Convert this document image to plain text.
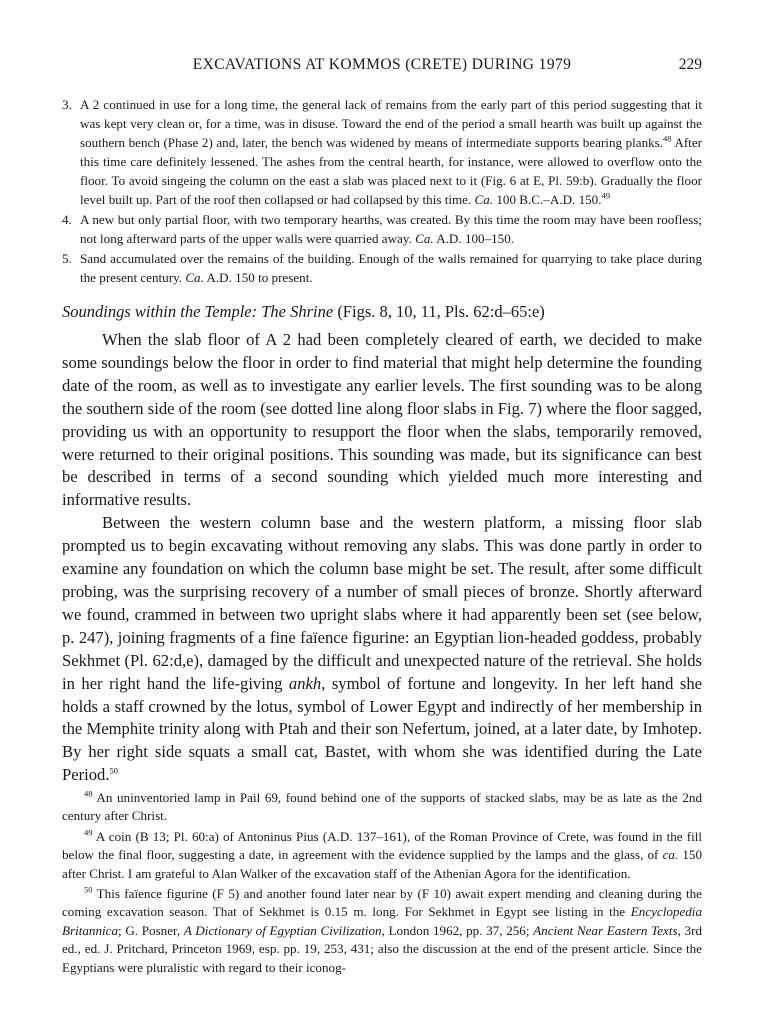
EXCAVATIONS AT KOMMOS (CRETE) DURING 1979	229
3. A 2 continued in use for a long time, the general lack of remains from the early part of this period suggesting that it was kept very clean or, for a time, was in disuse. Toward the end of the period a small hearth was built up against the southern bench (Phase 2) and, later, the bench was widened by means of intermediate supports bearing planks.$^{48}$ After this time care definitely lessened. The ashes from the central hearth, for instance, were allowed to overflow onto the floor. To avoid singeing the column on the east a slab was placed next to it (Fig. 6 at E, Pl. 59:b). Gradually the floor level built up. Part of the roof then collapsed or had collapsed by this time. Ca. 100 B.C.–A.D. 150.49
4. A new but only partial floor, with two temporary hearths, was created. By this time the room may have been roofless; not long afterward parts of the upper walls were quarried away. Ca. A.D. 100–150.
5. Sand accumulated over the remains of the building. Enough of the walls remained for quarrying to take place during the present century. Ca. A.D. 150 to present.
Soundings within the Temple: The Shrine (Figs. 8, 10, 11, Pls. 62:d–65:e)

When the slab floor of A 2 had been completely cleared of earth, we decided to make some soundings below the floor in order to find material that might help determine the founding date of the room, as well as to investigate any earlier levels. The first sounding was to be along the southern side of the room (see dotted line along floor slabs in Fig. 7) where the floor sagged, providing us with an opportunity to resupport the floor when the slabs, temporarily removed, were returned to their original positions. This sounding was made, but its significance can best be described in terms of a second sounding which yielded much more interesting and informative results.

Between the western column base and the western platform, a missing floor slab prompted us to begin excavating without removing any slabs. This was done partly in order to examine any foundation on which the column base might be set. The result, after some difficult probing, was the surprising recovery of a number of small pieces of bronze. Shortly afterward we found, crammed in between two upright slabs where it had apparently been set (see below, p. 247), joining fragments of a fine faïence figurine: an Egyptian lion-headed goddess, probably Sekhmet (Pl. 62:d,e), damaged by the difficult and unexpected nature of the retrieval. She holds in her right hand the life-giving ankh, symbol of fortune and longevity. In her left hand she holds a staff crowned by the lotus, symbol of Lower Egypt and indirectly of her membership in the Memphite trinity along with Ptah and their son Nefertum, joined, at a later date, by Imhotep. By her right side squats a small cat, Bastet, with whom she was identified during the Late Period.$^{50}$

$^{48}$ An uninventoried lamp in Pail 69, found behind one of the supports of stacked slabs, may be as late as the 2nd century after Christ.

$^{49}$ A coin (B 13; Pl. 60:a) of Antoninus Pius (A.D. 137–161), of the Roman Province of Crete, was found in the fill below the final floor, suggesting a date, in agreement with the evidence supplied by the lamps and the glass, of ca. 150 after Christ. I am grateful to Alan Walker of the excavation staff of the Athenian Agora for the identification.

$^{50}$ This faïence figurine (F 5) and another found later near by (F 10) await expert mending and cleaning during the coming excavation season. That of Sekhmet is 0.15 m. long. For Sekhmet in Egypt see listing in the Encyclopedia Britannica; G. Posner, A Dictionary of Egyptian Civilization, London 1962, pp. 37, 256; Ancient Near Eastern Texts, 3rd ed., ed. J. Pritchard, Princeton 1969, esp. pp. 19, 253, 431; also the discussion at the end of the present article. Since the Egyptians were pluralistic with regard to their iconog-
